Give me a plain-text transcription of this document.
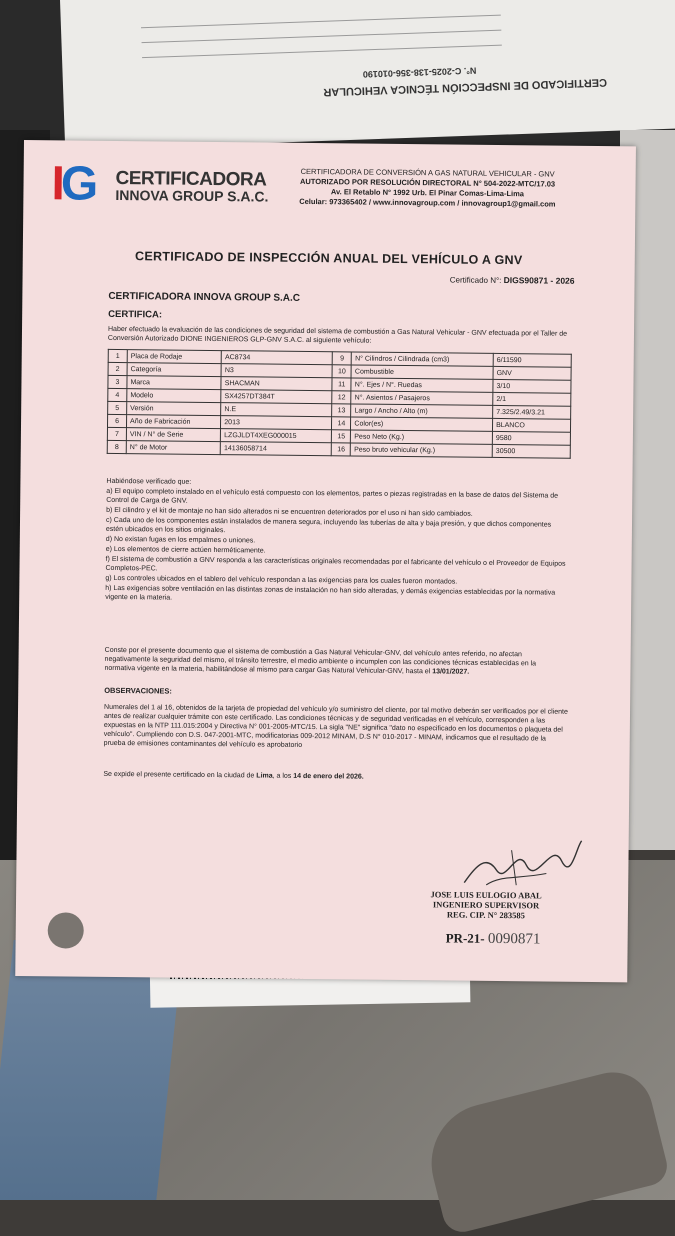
CERTIFICADO DE INSPECCIÓN TÉCNICA VEHICULAR
N°. C-2025-138-356-010190
IG CERTIFICADORA
INNOVA GROUP S.A.C.
CERTIFICADORA DE CONVERSIÓN A GAS NATURAL VEHICULAR - GNV
AUTORIZADO POR RESOLUCIÓN DIRECTORAL N° 504-2022-MTC/17.03
Av. El Retablo N° 1992 Urb. El Pinar Comas-Lima-Lima
Celular: 973365402 / www.innovagroup.com / innovagroup1@gmail.com
CERTIFICADO DE INSPECCIÓN ANUAL DEL VEHÍCULO A GNV
Certificado N°: DIGS90871 - 2026
CERTIFICADORA INNOVA GROUP S.A.C
CERTIFICA:
Haber efectuado la evaluación de las condiciones de seguridad del sistema de combustión a Gas Natural Vehicular - GNV efectuada por el Taller de Conversión Autorizado DIONE INGENIEROS GLP-GNV S.A.C. al siguiente vehículo:
1	Placa de Rodaje	AC8734	9	N° Cilindros / Cilindrada (cm3)	6/11590
2	Categoría	N3	10	Combustible	GNV
3	Marca	SHACMAN	11	N°. Ejes / N°. Ruedas	3/10
4	Modelo	SX4257DT384T	12	N°. Asientos / Pasajeros	2/1
5	Versión	N.E	13	Largo / Ancho / Alto (m)	7.325/2.49/3.21
6	Año de Fabricación	2013	14	Color(es)	BLANCO
7	VIN / N° de Serie	LZGJLDT4XEG000015	15	Peso Neto (Kg.)	9580
8	N° de Motor	14136058714	16	Peso bruto vehicular (Kg.)	30500
Habiéndose verificado que:
a) El equipo completo instalado en el vehículo está compuesto con los elementos, partes o piezas registradas en la base de datos del Sistema de Control de Carga de GNV.
b) El cilindro y el kit de montaje no han sido alterados ni se encuentren deteriorados por el uso ni han sido cambiados.
c) Cada uno de los componentes están instalados de manera segura, incluyendo las tuberías de alta y baja presión, y que dichos componentes estén ubicados en los sitios originales.
d) No existan fugas en los empalmes o uniones.
e) Los elementos de cierre actúen herméticamente.
f) El sistema de combustión a GNV responda a las características originales recomendadas por el fabricante del vehículo o el Proveedor de Equipos Completos-PEC.
g) Los controles ubicados en el tablero del vehículo respondan a las exigencias para los cuales fueron montados.
h) Las exigencias sobre ventilación en las distintas zonas de instalación no han sido alteradas, y demás exigencias establecidas por la normativa vigente en la materia.
Conste por el presente documento que el sistema de combustión a Gas Natural Vehicular-GNV, del vehículo antes referido, no afectan negativamente la seguridad del mismo, el tránsito terrestre, el medio ambiente o incumplen con las condiciones técnicas establecidas en la normativa vigente en la materia, habilitándose al mismo para cargar Gas Natural Vehicular-GNV, hasta el 13/01/2027.
OBSERVACIONES:
Numerales del 1 al 16, obtenidos de la tarjeta de propiedad del vehículo y/o suministro del cliente, por tal motivo deberán ser verificados por el cliente antes de realizar cualquier trámite con este certificado. Las condiciones técnicas y de seguridad verificadas en el vehículo, corresponden a las expuestas en la NTP 111.015:2004 y Directiva N° 001-2005-MTC/15. La sigla "NE" significa "dato no especificado en los documentos o plaqueta del vehículo". Cumpliendo con D.S. 047-2001-MTC, modificatorias 009-2012 MINAM, D.S N° 010-2017 - MINAM, indicamos que el resultado de la prueba de emisiones contaminantes del vehículo es aprobatorio
Se expide el presente certificado en la ciudad de Lima, a los 14 de enero del 2026.
JOSE LUIS EULOGIO ABAL
INGENIERO SUPERVISOR
REG. CIP. N° 283585
PR-21- 0090871
